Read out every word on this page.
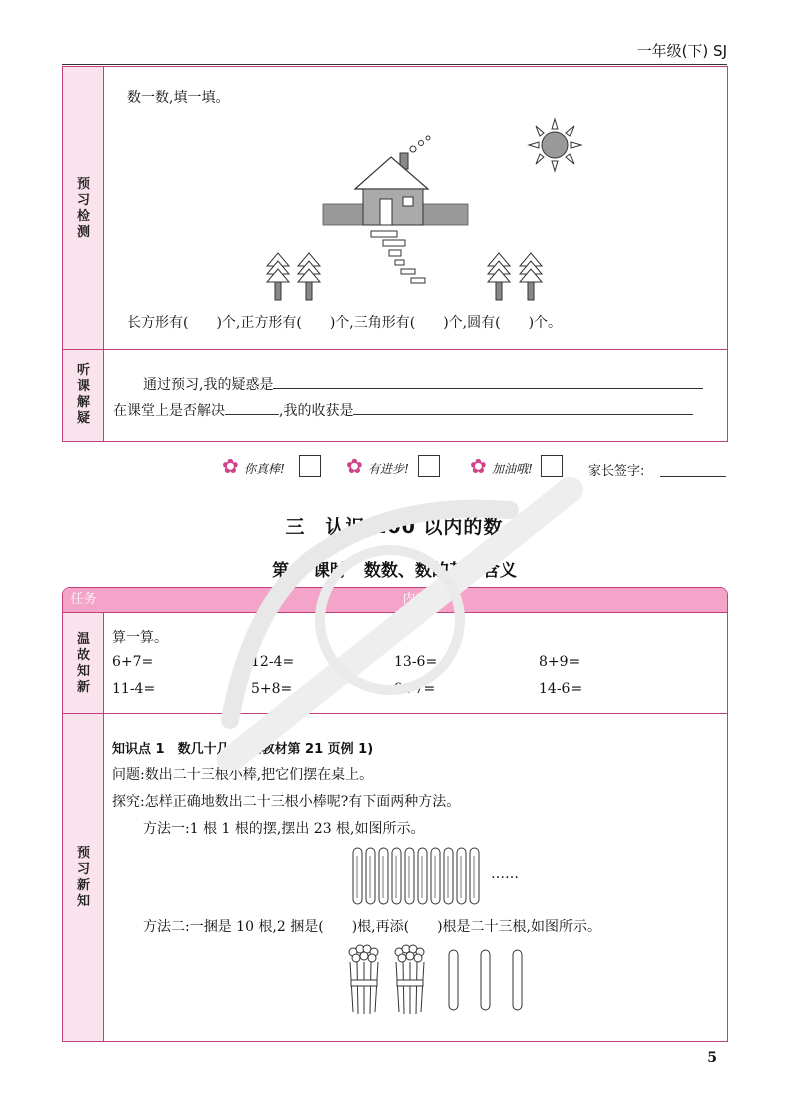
一年级(下) SJ
预
习
检
测
听
课
解
疑
数一数,填一填。
长方形有(　　)个,正方形有(　　)个,三角形有(　　)个,圆有(　　)个。
通过预习,我的疑惑是
在课堂上是否解决	,我的收获是
✿ 你真棒!	✿ 有进步!	✿ 加油哦!	家长签字:
三　认识 100 以内的数
第 1 课时　数数、数的基本含义
任务	内容
温
故
知
新
算一算。
6+7=	12-4=	13-6=	8+9=
11-4=	5+8=	9+7=	14-6=
预
习
新
知
知识点 1　数几十几(对应教材第 21 页例 1)
问题:数出二十三根小棒,把它们摆在桌上。
探究:怎样正确地数出二十三根小棒呢?有下面两种方法。
方法一:1 根 1 根的摆,摆出 23 根,如图所示。
……
方法二:一捆是 10 根,2 捆是(　　)根,再添(　　)根是二十三根,如图所示。
5
